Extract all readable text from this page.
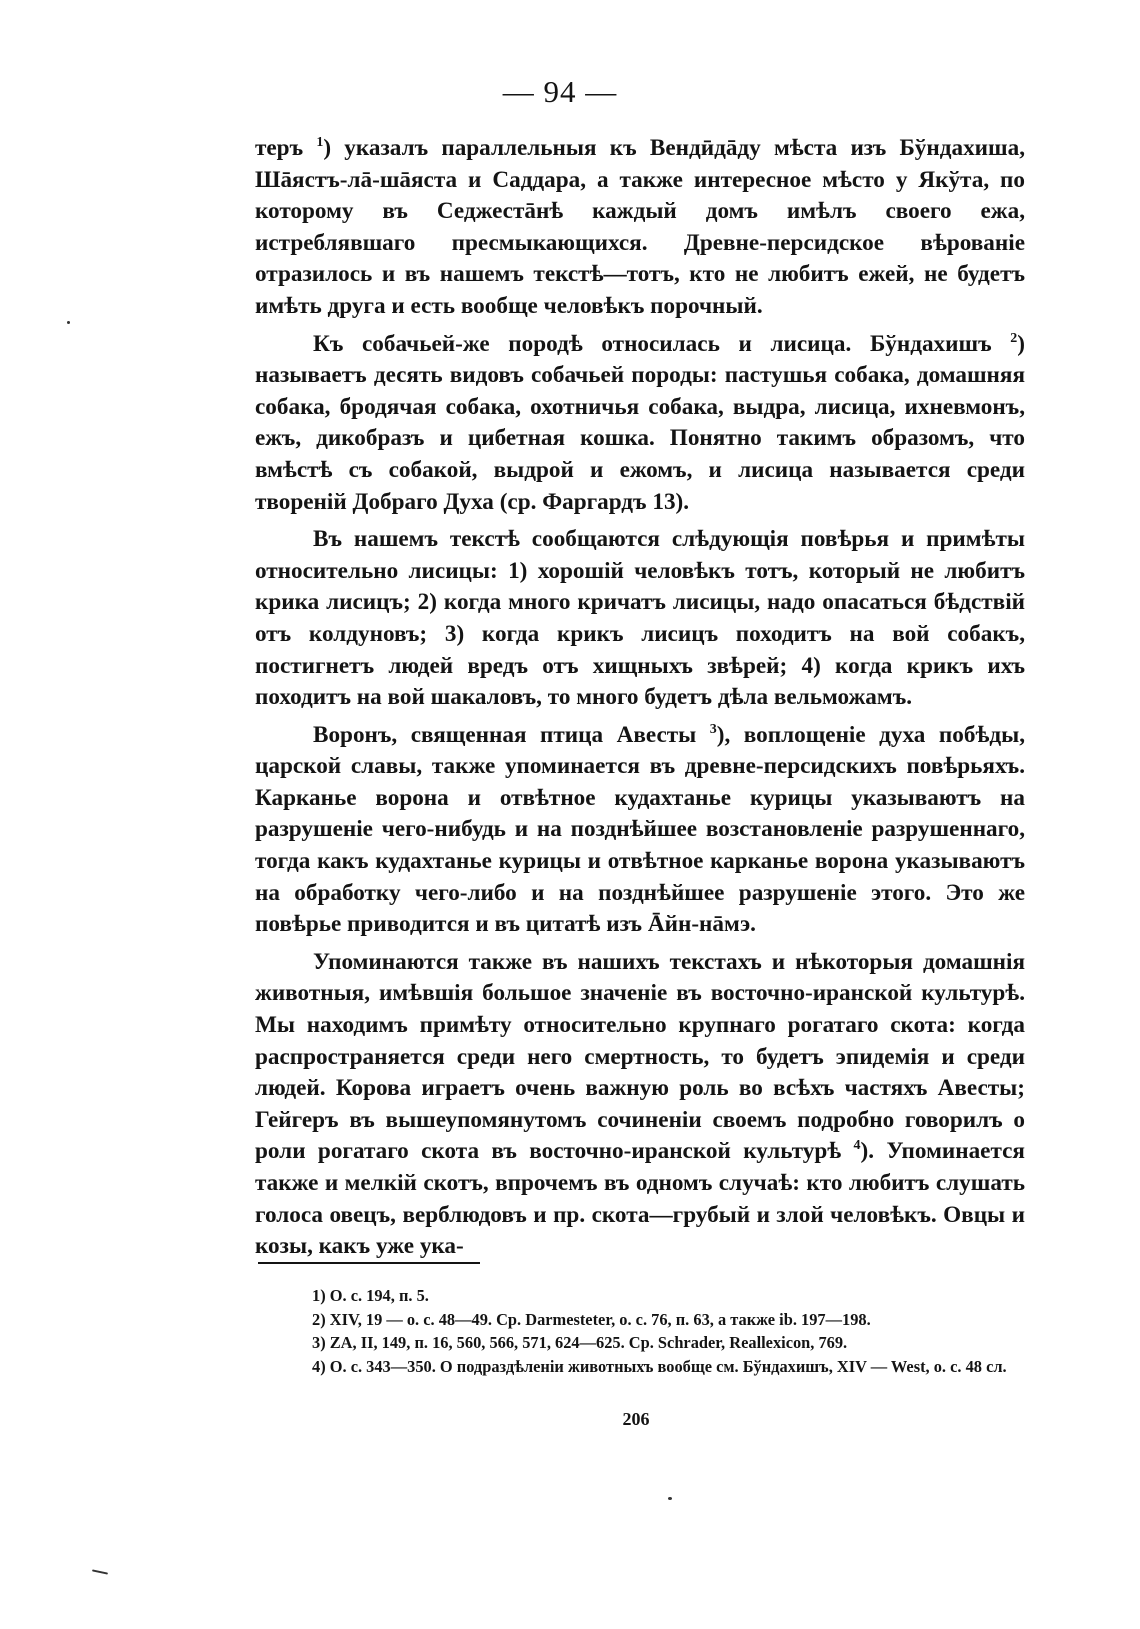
— 94 —

теръ $^1$) указалъ параллельныя къ Вендӣдāду мѣста изъ Бўндахиша, Шāястъ-лā-шāяста и Саддара, а также интересное мѣсто у Якўта, по которому въ Седжестāнѣ каждый домъ имѣлъ своего ежа, истреблявшаго пресмыкающихся. Древне-персидское вѣрованіе отразилось и въ нашемъ текстѣ—тотъ, кто не любитъ ежей, не будетъ имѣть друга и есть вообще человѣкъ порочный.

Къ собачьей-же породѣ относилась и лисица. Бўндахишъ $^2$) называетъ десять видовъ собачьей породы: пастушья собака, домашняя собака, бродячая собака, охотничья собака, выдра, лисица, ихневмонъ, ежъ, дикобразъ и цибетная кошка. Понятно такимъ образомъ, что вмѣстѣ съ собакой, выдрой и ежомъ, и лисица называется среди твореній Добраго Духа (ср. Фаргардъ 13).

Въ нашемъ текстѣ сообщаются слѣдующія повѣрья и примѣты относительно лисицы: 1) хорошій человѣкъ тотъ, который не любитъ крика лисицъ; 2) когда много кричатъ лисицы, надо опасаться бѣдствій отъ колдуновъ; 3) когда крикъ лисицъ походитъ на вой собакъ, постигнетъ людей вредъ отъ хищныхъ звѣрей; 4) когда крикъ ихъ походитъ на вой шакаловъ, то много будетъ дѣла вельможамъ.

Воронъ, священная птица Авесты $^3$), воплощеніе духа побѣды, царской славы, также упоминается въ древне-персидскихъ повѣрьяхъ. Карканье ворона и отвѣтное кудахтанье курицы указываютъ на разрушеніе чего-нибудь и на позднѣйшее возстановленіе разрушеннаго, тогда какъ кудахтанье курицы и отвѣтное карканье ворона указываютъ на обработку чего-либо и на позднѣйшее разрушеніе этого. Это же повѣрье приводится и въ цитатѣ изъ Āйн-нāмэ.

Упоминаются также въ нашихъ текстахъ и нѣкоторыя домашнія животныя, имѣвшія большое значеніе въ восточно-иранской культурѣ. Мы находимъ примѣту относительно крупнаго рогатаго скота: когда распространяется среди него смертность, то будетъ эпидемія и среди людей. Корова играетъ очень важную роль во всѣхъ частяхъ Авесты; Гейгеръ въ вышеупомянутомъ сочиненіи своемъ подробно говорилъ о роли рогатаго скота въ восточно-иранской культурѣ $^4$). Упоминается также и мелкій скотъ, впрочемъ въ одномъ случаѣ: кто любитъ слушать голоса овецъ, верблюдовъ и пр. скота—грубый и злой человѣкъ. Овцы и козы, какъ уже ука-

1) О. с. 194, п. 5.

2) XIV, 19 — о. с. 48—49. Ср. Darmesteter, о. с. 76, п. 63, а также ib. 197—198.

3) ZA, II, 149, п. 16, 560, 566, 571, 624—625. Ср. Schrader, Reallexicon, 769.

4) О. с. 343—350. О подраздѣленіи животныхъ вообще см. Бўндахишъ, XIV — West, о. с. 48 сл.

206
